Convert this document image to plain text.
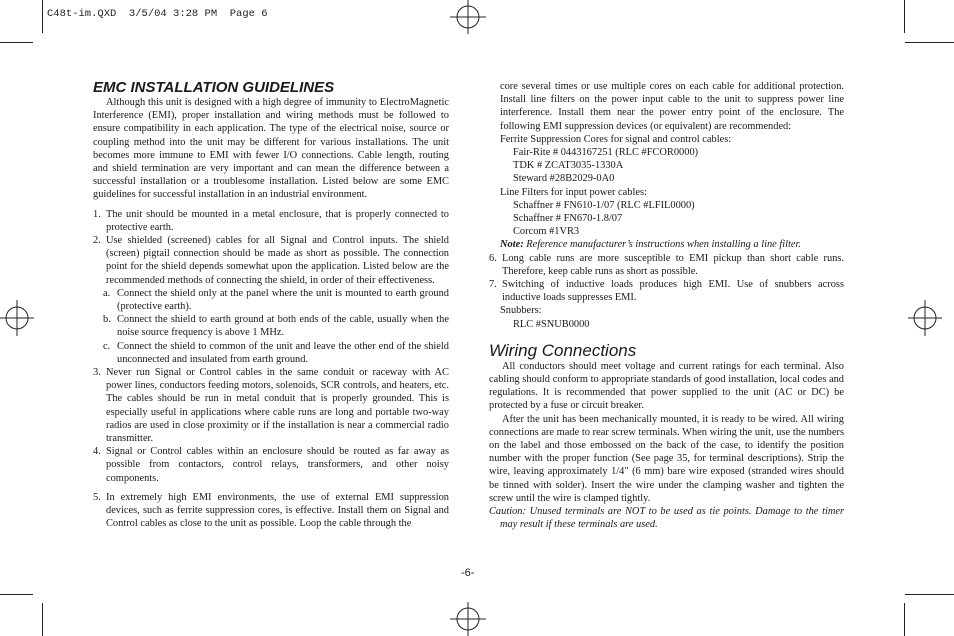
C48t-im.QXD  3/5/04 3:28 PM  Page 6
EMC INSTALLATION GUIDELINES

Although this unit is designed with a high degree of immunity to ElectroMagnetic Interference (EMI), proper installation and wiring methods must be followed to ensure compatibility in each application. The type of the electrical noise, source or coupling method into the unit may be different for various installations. The unit becomes more immune to EMI with fewer I/O connections. Cable length, routing and shield termination are very important and can mean the difference between a successful installation or a troublesome installation. Listed below are some EMC guidelines for successful installation in an industrial environment.

1. The unit should be mounted in a metal enclosure, that is properly connected to protective earth.
2. Use shielded (screened) cables for all Signal and Control inputs. The shield (screen) pigtail connection should be made as short as possible. The connection point for the shield depends somewhat upon the application. Listed below are the recommended methods of connecting the shield, in order of their effectiveness.
a. Connect the shield only at the panel where the unit is mounted to earth ground (protective earth).
b. Connect the shield to earth ground at both ends of the cable, usually when the noise source frequency is above 1 MHz.
c. Connect the shield to common of the unit and leave the other end of the shield unconnected and insulated from earth ground.
3. Never run Signal or Control cables in the same conduit or raceway with AC power lines, conductors feeding motors, solenoids, SCR controls, and heaters, etc. The cables should be run in metal conduit that is properly grounded. This is especially useful in applications where cable runs are long and portable two-way radios are used in close proximity or if the installation is near a commercial radio transmitter.
4. Signal or Control cables within an enclosure should be routed as far away as possible from contactors, control relays, transformers, and other noisy components.
5. In extremely high EMI environments, the use of external EMI suppression devices, such as ferrite suppression cores, is effective. Install them on Signal and Control cables as close to the unit as possible. Loop the cable through the

core several times or use multiple cores on each cable for additional protection. Install line filters on the power input cable to the unit to suppress power line interference. Install them near the power entry point of the enclosure. The following EMI suppression devices (or equivalent) are recommended:

Ferrite Suppression Cores for signal and control cables:

Fair-Rite # 0443167251 (RLC #FCOR0000)

TDK # ZCAT3035-1330A

Steward #28B2029-0A0

Line Filters for input power cables:

Schaffner # FN610-1/07 (RLC #LFIL0000)

Schaffner # FN670-1.8/07

Corcom #1VR3

Note: Reference manufacturer’s instructions when installing a line filter.

6. Long cable runs are more susceptible to EMI pickup than short cable runs. Therefore, keep cable runs as short as possible.
7. Switching of inductive loads produces high EMI. Use of snubbers across inductive loads suppresses EMI.

Snubbers:

RLC #SNUB0000

Wiring Connections

All conductors should meet voltage and current ratings for each terminal. Also cabling should conform to appropriate standards of good installation, local codes and regulations. It is recommended that power supplied to the unit (AC or DC) be protected by a fuse or circuit breaker.

After the unit has been mechanically mounted, it is ready to be wired. All wiring connections are made to rear screw terminals. When wiring the unit, use the numbers on the label and those embossed on the back of the case, to identify the position number with the proper function (See page 35, for terminal descriptions). Strip the wire, leaving approximately 1/4" (6 mm) bare wire exposed (stranded wires should be tinned with solder). Insert the wire under the clamping washer and tighten the screw until the wire is clamped tightly.

Caution: Unused terminals are NOT to be used as tie points. Damage to the timer may result if these terminals are used.

-6-
